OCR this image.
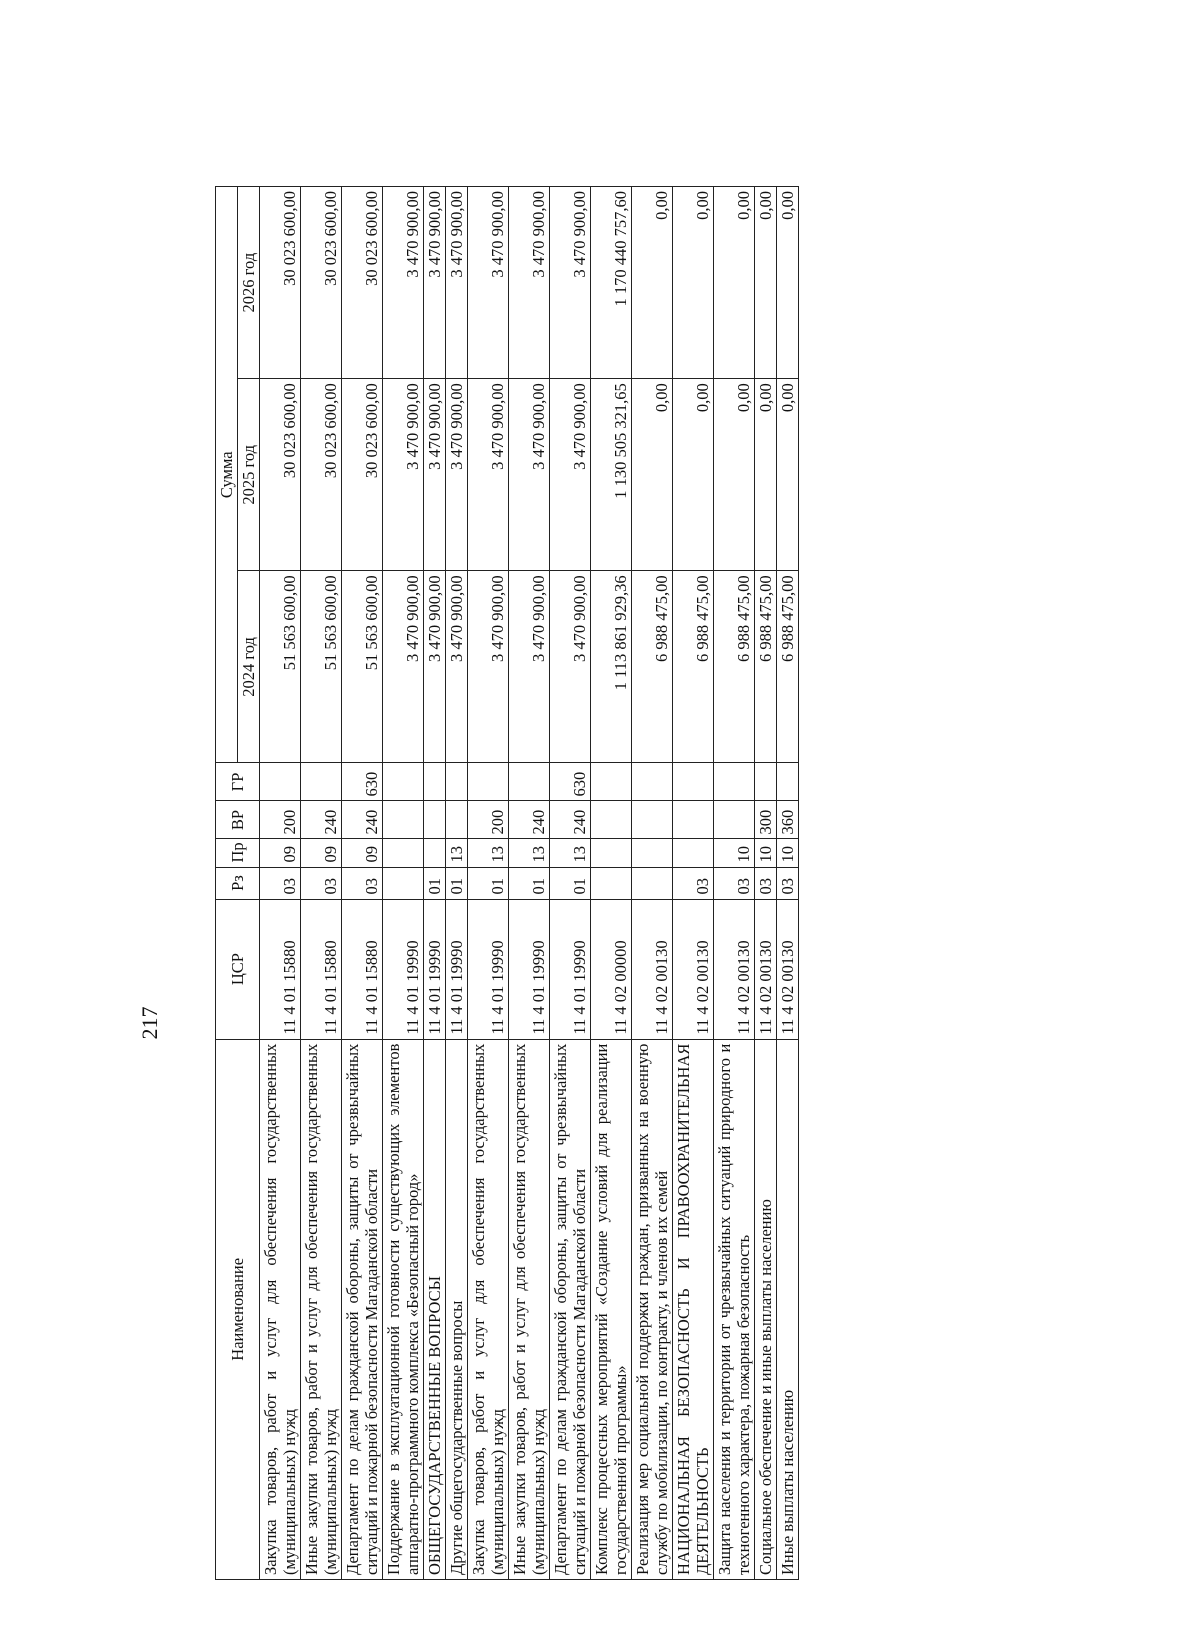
217
Наименование	ЦСР	Рз	Пр	ВР	ГР	Сумма		
						2024 год	2025 год	2026 год
Закупка товаров, работ и услуг для обеспечения государственных (муниципальных) нужд	11 4 01 15880	03	09	200		51 563 600,00	30 023 600,00	30 023 600,00
Иные закупки товаров, работ и услуг для обеспечения государственных (муниципальных) нужд	11 4 01 15880	03	09	240		51 563 600,00	30 023 600,00	30 023 600,00
Департамент по делам гражданской обороны, защиты от чрезвычайных ситуаций и пожарной безопасности Магаданской области	11 4 01 15880	03	09	240	630	51 563 600,00	30 023 600,00	30 023 600,00
Поддержание в эксплуатационной готовности существующих элементов аппаратно-программного комплекса «Безопасный город»	11 4 01 19990					3 470 900,00	3 470 900,00	3 470 900,00
ОБЩЕГОСУДАРСТВЕННЫЕ ВОПРОСЫ	11 4 01 19990	01				3 470 900,00	3 470 900,00	3 470 900,00
Другие общегосударственные вопросы	11 4 01 19990	01	13			3 470 900,00	3 470 900,00	3 470 900,00
Закупка товаров, работ и услуг для обеспечения государственных (муниципальных) нужд	11 4 01 19990	01	13	200		3 470 900,00	3 470 900,00	3 470 900,00
Иные закупки товаров, работ и услуг для обеспечения государственных (муниципальных) нужд	11 4 01 19990	01	13	240		3 470 900,00	3 470 900,00	3 470 900,00
Департамент по делам гражданской обороны, защиты от чрезвычайных ситуаций и пожарной безопасности Магаданской области	11 4 01 19990	01	13	240	630	3 470 900,00	3 470 900,00	3 470 900,00
Комплекс процессных мероприятий «Создание условий для реализации государственной программы»	11 4 02 00000					1 113 861 929,36	1 130 505 321,65	1 170 440 757,60
Реализация мер социальной поддержки граждан, призванных на военную службу по мобилизации, по контракту, и членов их семей	11 4 02 00130					6 988 475,00	0,00	0,00
НАЦИОНАЛЬНАЯ БЕЗОПАСНОСТЬ И ПРАВООХРАНИТЕЛЬНАЯ ДЕЯТЕЛЬНОСТЬ	11 4 02 00130	03				6 988 475,00	0,00	0,00
Защита населения и территории от чрезвычайных ситуаций природного и техногенного характера, пожарная безопасность	11 4 02 00130	03	10			6 988 475,00	0,00	0,00
Социальное обеспечение и иные выплаты населению	11 4 02 00130	03	10	300		6 988 475,00	0,00	0,00
Иные выплаты населению	11 4 02 00130	03	10	360		6 988 475,00	0,00	0,00
